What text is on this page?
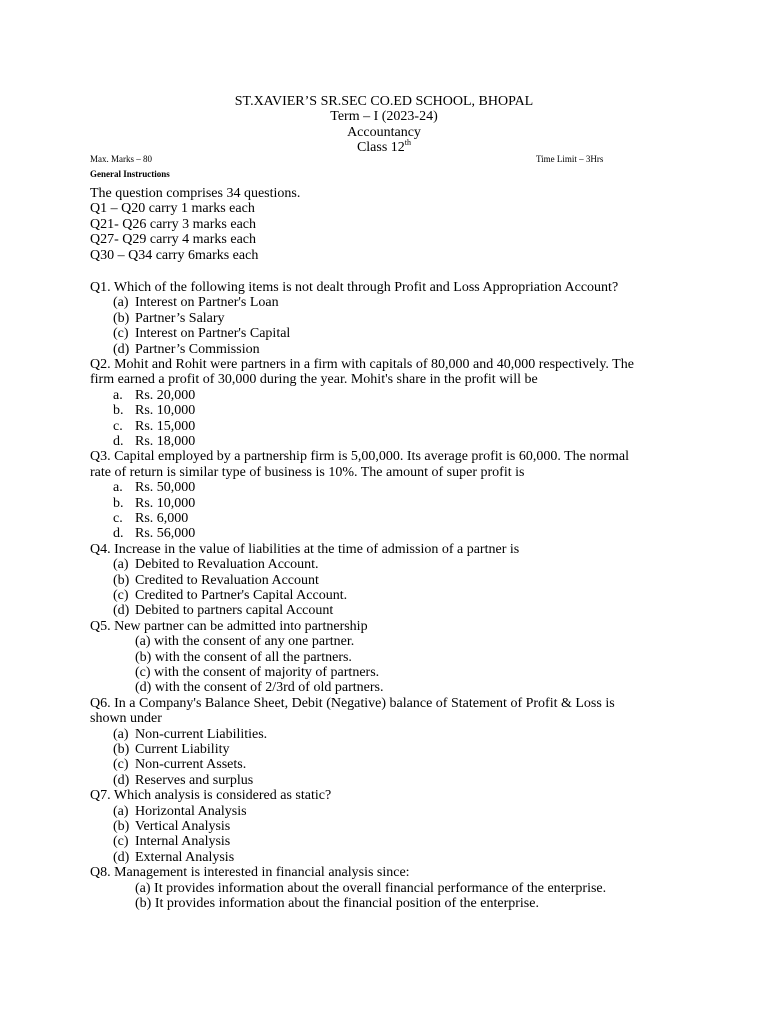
ST.XAVIER’S SR.SEC CO.ED SCHOOL, BHOPAL
Term – I (2023-24)
Accountancy
Class 12th
Max. Marks – 80	Time Limit – 3Hrs
General Instructions
The question comprises 34 questions.
Q1 – Q20 carry 1 marks each
Q21- Q26 carry 3 marks each
Q27- Q29 carry 4 marks each
Q30 – Q34 carry 6marks each
Q1. Which of the following items is not dealt through Profit and Loss Appropriation Account?
(a) Interest on Partner's Loan
(b) Partner’s Salary
(c) Interest on Partner's Capital
(d) Partner’s Commission
Q2. Mohit and Rohit were partners in a firm with capitals of 80,000 and 40,000 respectively. The
firm earned a profit of 30,000 during the year. Mohit's share in the profit will be
a. Rs. 20,000
b. Rs. 10,000
c. Rs. 15,000
d. Rs. 18,000
Q3. Capital employed by a partnership firm is 5,00,000. Its average profit is 60,000. The normal
rate of return is similar type of business is 10%. The amount of super profit is
a. Rs. 50,000
b. Rs. 10,000
c. Rs. 6,000
d. Rs. 56,000
Q4. Increase in the value of liabilities at the time of admission of a partner is
(a) Debited to Revaluation Account.
(b) Credited to Revaluation Account
(c) Credited to Partner's Capital Account.
(d) Debited to partners capital Account
Q5. New partner can be admitted into partnership
(a) with the consent of any one partner.
(b) with the consent of all the partners.
(c) with the consent of majority of partners.
(d) with the consent of 2/3rd of old partners.
Q6. In a Company's Balance Sheet, Debit (Negative) balance of Statement of Profit & Loss is
shown under
(a) Non-current Liabilities.
(b) Current Liability
(c) Non-current Assets.
(d) Reserves and surplus
Q7. Which analysis is considered as static?
(a) Horizontal Analysis
(b) Vertical Analysis
(c) Internal Analysis
(d) External Analysis
Q8. Management is interested in financial analysis since:
(a) It provides information about the overall financial performance of the enterprise.
(b) It provides information about the financial position of the enterprise.
